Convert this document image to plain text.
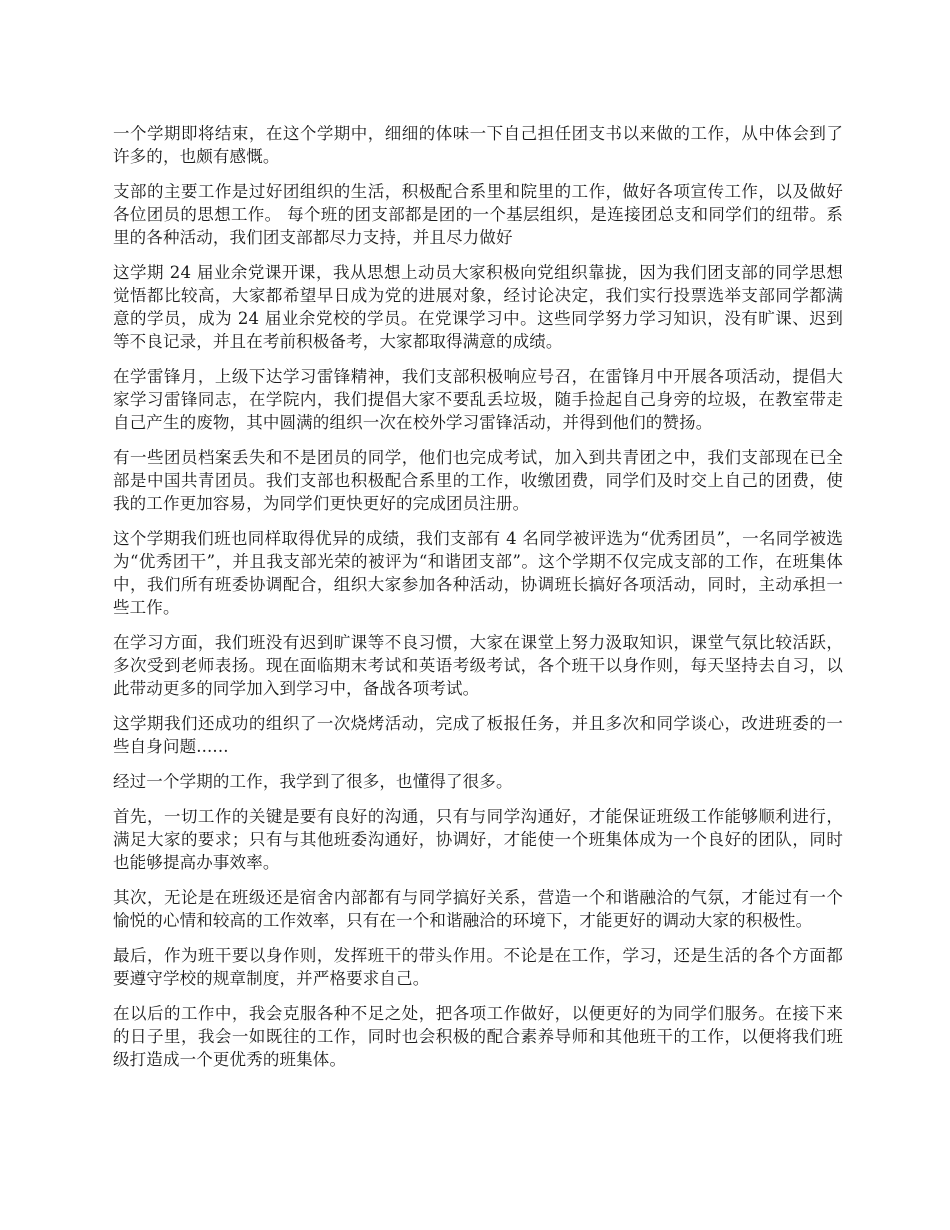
一个学期即将结束，在这个学期中，细细的体味一下自己担任团支书以来做的工作，从中体会到了许多的，也颇有感慨。

支部的主要工作是过好团组织的生活，积极配合系里和院里的工作，做好各项宣传工作，以及做好各位团员的思想工作。 每个班的团支部都是团的一个基层组织，是连接团总支和同学们的纽带。系里的各种活动，我们团支部都尽力支持，并且尽力做好

这学期 24 届业余党课开课，我从思想上动员大家积极向党组织靠拢，因为我们团支部的同学思想觉悟都比较高，大家都希望早日成为党的进展对象，经讨论决定，我们实行投票选举支部同学都满意的学员，成为 24 届业余党校的学员。在党课学习中。这些同学努力学习知识，没有旷课、迟到等不良记录，并且在考前积极备考，大家都取得满意的成绩。

在学雷锋月，上级下达学习雷锋精神，我们支部积极响应号召，在雷锋月中开展各项活动，提倡大家学习雷锋同志，在学院内，我们提倡大家不要乱丢垃圾，随手捡起自己身旁的垃圾，在教室带走自己产生的废物，其中圆满的组织一次在校外学习雷锋活动，并得到他们的赞扬。

有一些团员档案丢失和不是团员的同学，他们也完成考试，加入到共青团之中，我们支部现在已全部是中国共青团员。我们支部也积极配合系里的工作，收缴团费，同学们及时交上自己的团费，使我的工作更加容易，为同学们更快更好的完成团员注册。

这个学期我们班也同样取得优异的成绩，我们支部有 4 名同学被评选为“优秀团员”，一名同学被选为“优秀团干”，并且我支部光荣的被评为“和谐团支部”。这个学期不仅完成支部的工作，在班集体中，我们所有班委协调配合，组织大家参加各种活动，协调班长搞好各项活动，同时，主动承担一些工作。

在学习方面，我们班没有迟到旷课等不良习惯，大家在课堂上努力汲取知识，课堂气氛比较活跃，多次受到老师表扬。现在面临期末考试和英语考级考试，各个班干以身作则，每天坚持去自习，以此带动更多的同学加入到学习中，备战各项考试。

这学期我们还成功的组织了一次烧烤活动，完成了板报任务，并且多次和同学谈心，改进班委的一些自身问题......

经过一个学期的工作，我学到了很多，也懂得了很多。

首先，一切工作的关键是要有良好的沟通，只有与同学沟通好，才能保证班级工作能够顺利进行，满足大家的要求；只有与其他班委沟通好，协调好，才能使一个班集体成为一个良好的团队，同时也能够提高办事效率。

其次，无论是在班级还是宿舍内部都有与同学搞好关系，营造一个和谐融洽的气氛，才能过有一个愉悦的心情和较高的工作效率，只有在一个和谐融洽的环境下，才能更好的调动大家的积极性。

最后，作为班干要以身作则，发挥班干的带头作用。不论是在工作，学习，还是生活的各个方面都要遵守学校的规章制度，并严格要求自己。

在以后的工作中，我会克服各种不足之处，把各项工作做好，以便更好的为同学们服务。在接下来的日子里，我会一如既往的工作，同时也会积极的配合素养导师和其他班干的工作，以便将我们班级打造成一个更优秀的班集体。
